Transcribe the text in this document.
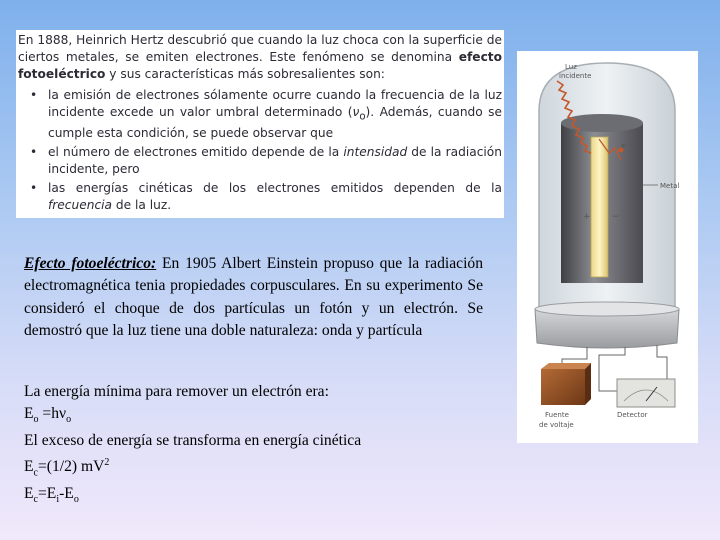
En 1888, Heinrich Hertz descubrió que cuando la luz choca con la superficie de ciertos metales, se emiten electrones. Este fenómeno se denomina efecto fotoeléctrico y sus características más sobresalientes son:

• la emisión de electrones sólamente ocurre cuando la frecuencia de la luz incidente excede un valor umbral determinado $(\nu_o)$. Además, cuando se cumple esta condición, se puede observar que
• el número de electrones emitido depende de la intensidad de la radiación incidente, pero
• las energías cinéticas de los electrones emitidos dependen de la frecuencia de la luz.

Efecto fotoeléctrico: En 1905 Albert Einstein propuso que la radiación electromagnética tenia propiedades corpusculares. En su experimento Se consideró el choque de dos partículas un fotón y un electrón. Se demostró que la luz tiene una doble naturaleza: onda y partícula

La energía mínima para remover un electrón era:
$E_o =h\nu_o$
El exceso de energía se transforma en energía cinética
$E_c=(1/2)$ $mV^2$
$E_c=E_i-E_o$
Luz
incidente
e⁻
Metal
+ −
Fuente
de voltaje
Detector
